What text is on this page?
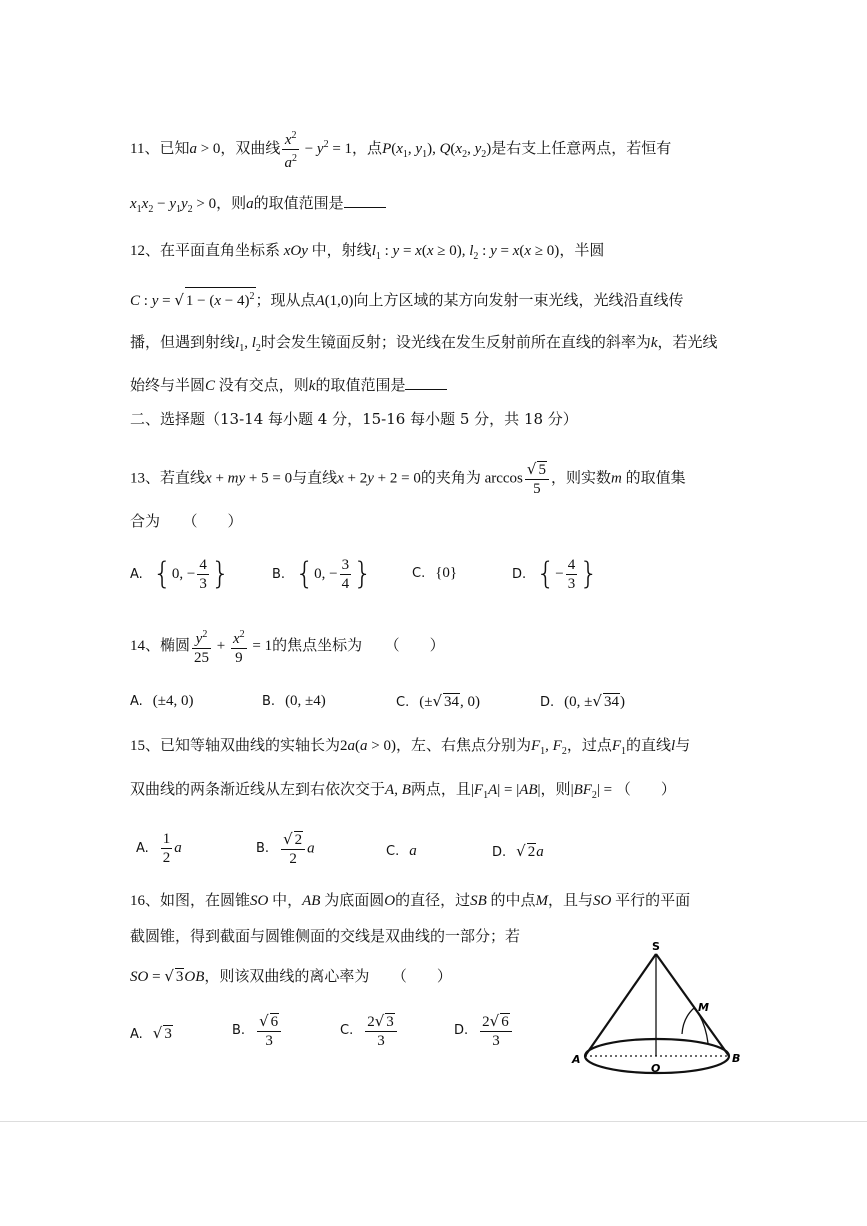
11、已知a > 0，双曲线 $\frac{x^2}{a^2} - y^2 = 1$，点$P(x_1$, $y_1$), $Q(x_2$, $y_2$)是右支上任意两点，若恒有
$x_1x_2 - y_1y_2 > 0$，则a的取值范围是
12、在平面直角坐标系 xOy 中，射线$l_1$ : y = x(x ≥ 0), $l_2$ : y = x(x ≥ 0)，半圆
C : y = √ $1 - (x - 4)^2$；现从点A(1,0)向上方区域的某方向发射一束光线，光线沿直线传
播，但遇到射线$l_1$, $l_2$时会发生镜面反射；设光线在发生反射前所在直线的斜率为k，若光线
始终与半圆C 没有交点，则k的取值范围是
二、选择题（13-14 每小题 4 分，15-16 每小题 5 分，共 18 分）
13、若直线x + my + 5 = 0与直线x + 2y + 2 = 0的夹角为 $\arccos \frac{√ 5}{5}$ ，则实数m 的取值集
合为　　（　　）
A. {0, − $\frac{4}{3}$ }	B. {0, − $\frac{3}{4}$ }	C. {0}	D. {− $\frac{4}{3}$ }
14、椭圆 $\frac{y^2}{25} + \frac{x^2}{9} = 1$的焦点坐标为　　（　　）
A. (±4, 0)	B. (0, ±4)	C. (±√ 34, 0)	D. (0, ±√ 34)
15、已知等轴双曲线的实轴长为2a(a > 0)，左、右焦点分别为$F_1$, $F_2$，过点$F_1$的直线l与
双曲线的两条渐近线从左到右依次交于A, B两点，且$|F_1A| = |AB|$，则$|BF_2|$ = （　　）
A. $\frac{1}{2}$ a	B. $\frac{√ 2}{2}$ a	C. a	D. √ 2a
16、如图，在圆锥SO 中，AB 为底面圆O的直径，过SB 的中点M，且与SO 平行的平面
截圆锥，得到截面与圆锥侧面的交线是双曲线的一部分；若
SO = √ 3OB，则该双曲线的离心率为　　（　　）
A. √ 3	B. $\frac{√ 6}{3}$	C. $\frac{2√ 3}{3}$	D. $\frac{2√ 6}{3}$
S
M
A
O
B
